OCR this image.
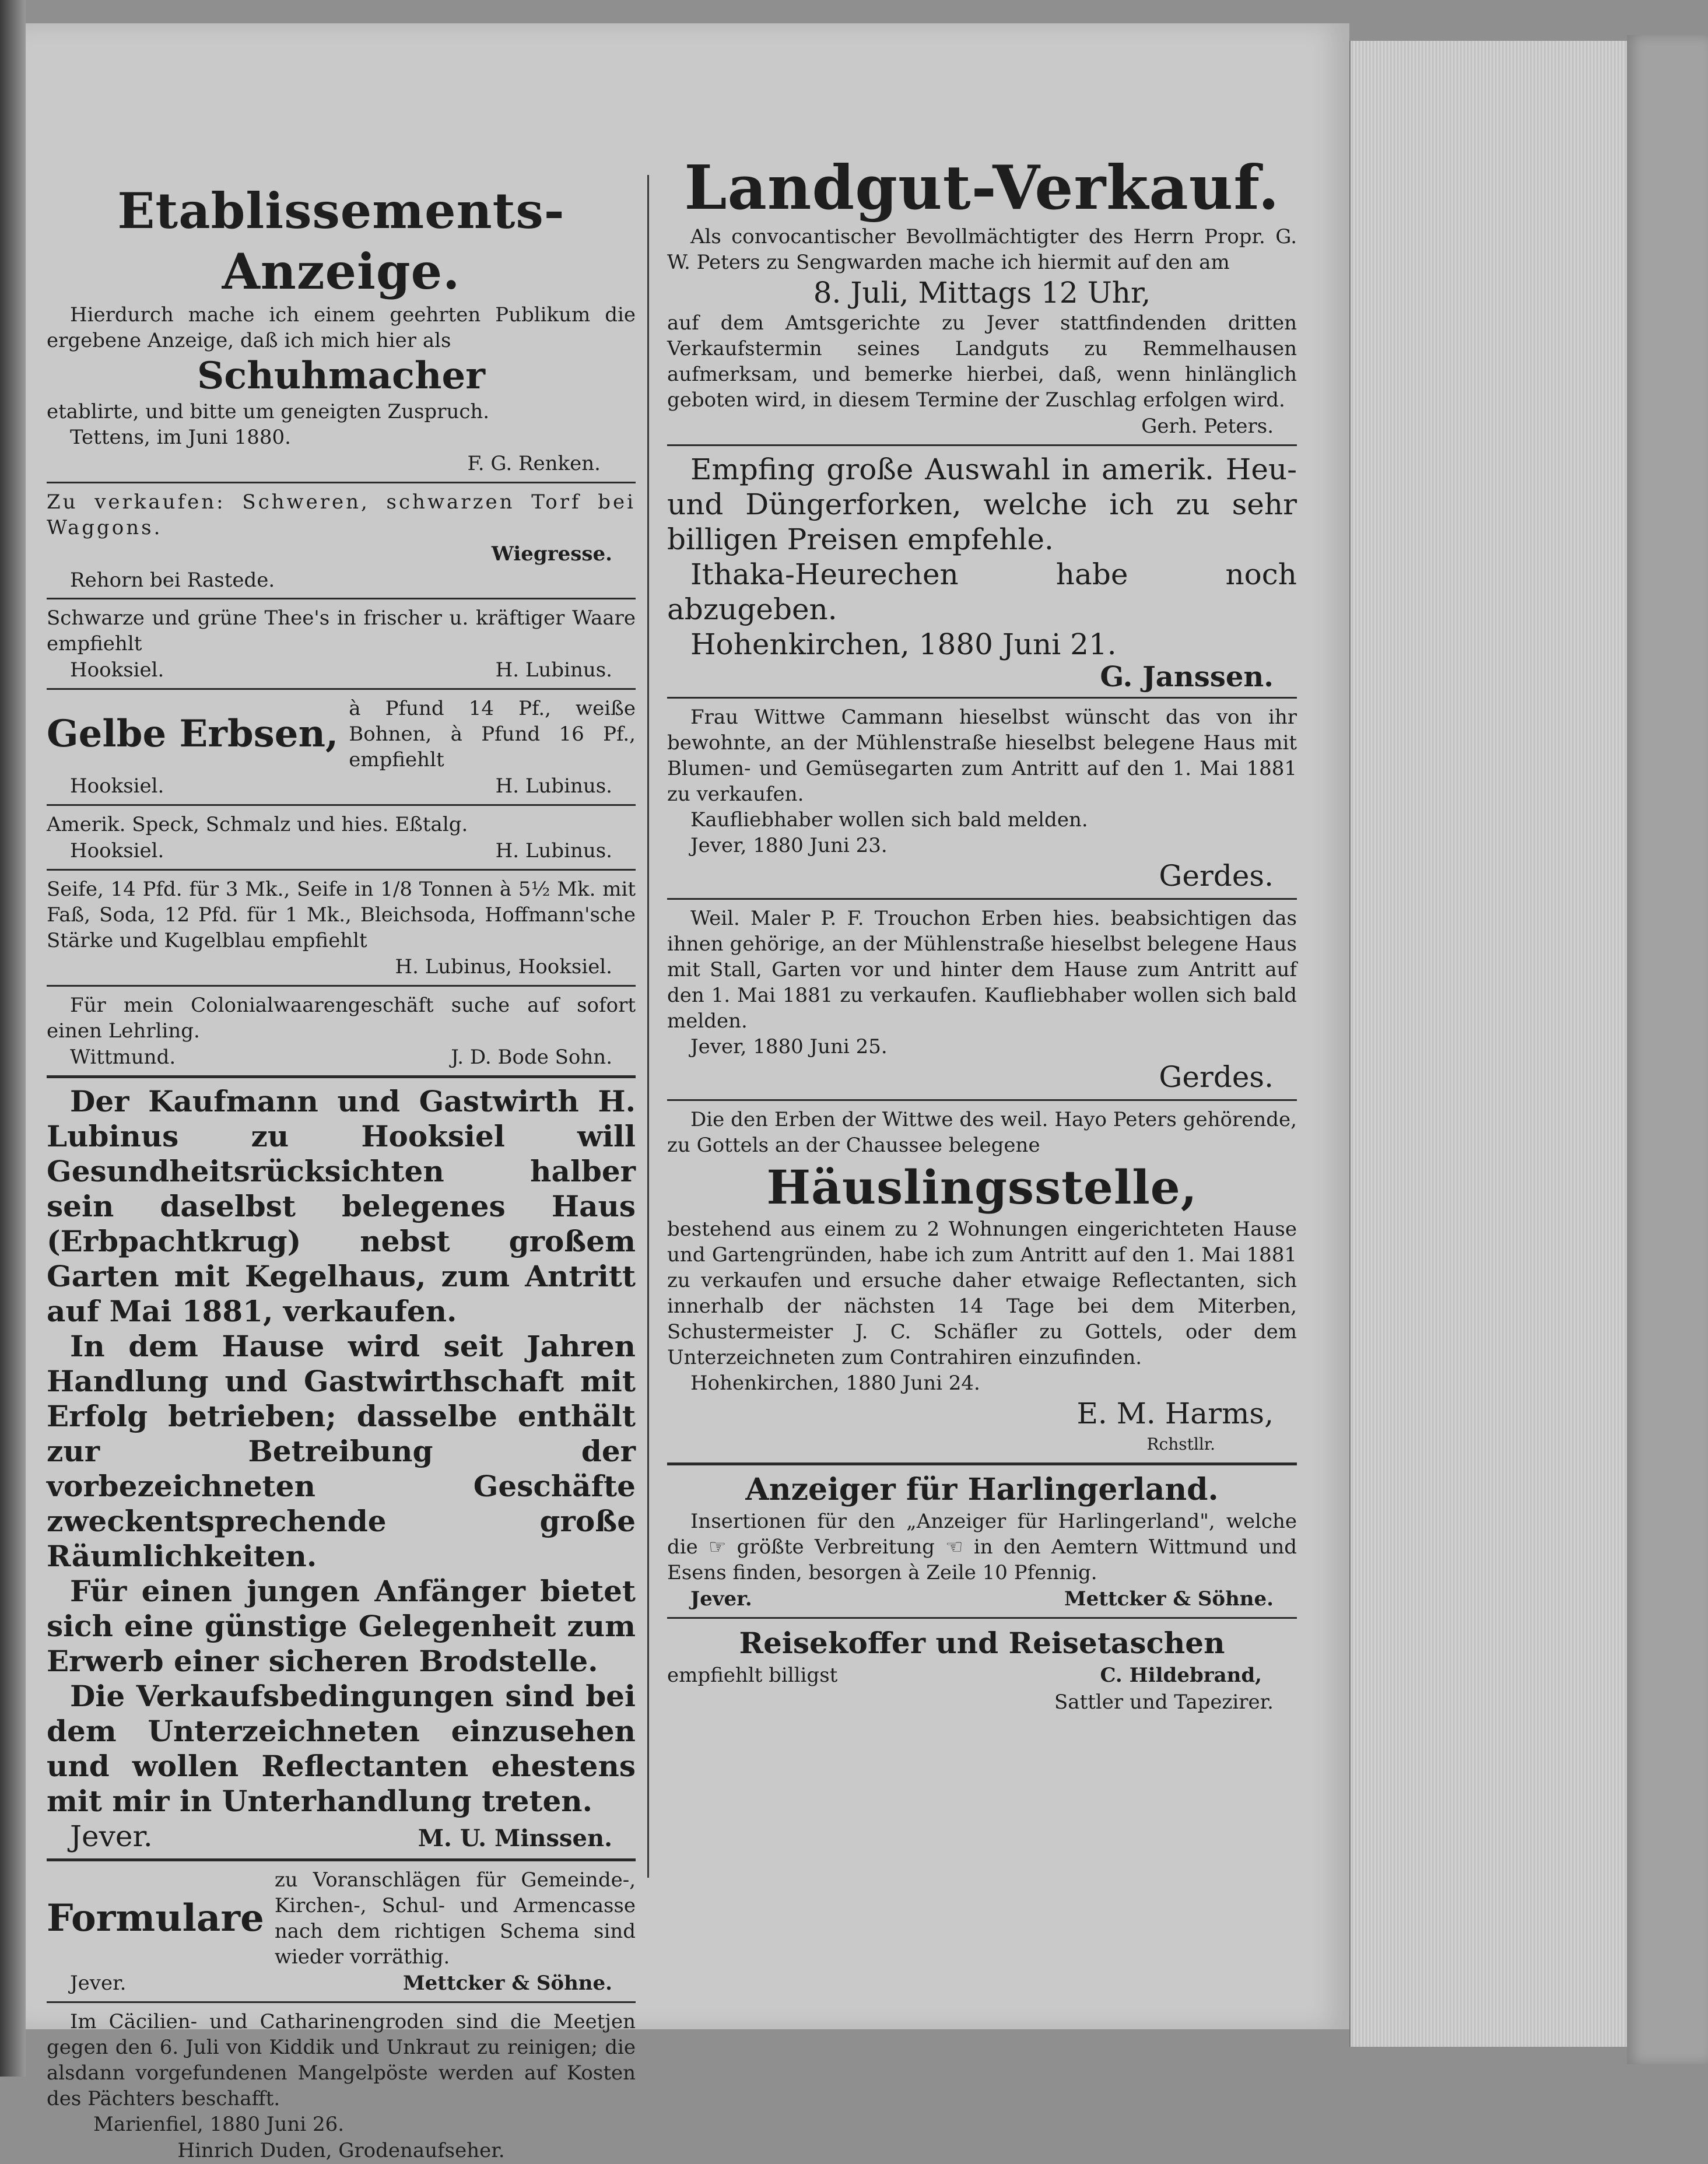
Etablissements-Anzeige.

Hierdurch mache ich einem geehrten Publikum die ergebene Anzeige, daß ich mich hier als

Schuhmacher

etablirte, und bitte um geneigten Zuspruch.

Tettens, im Juni 1880.

F. G. Renken.

Zu verkaufen: Schweren, schwarzen Torf bei Waggons.

Wiegresse.

Rehorn bei Rastede.

Schwarze und grüne Thee's in frischer u. kräftiger Waare empfiehlt

Hooksiel.	H. Lubinus.
Gelbe Erbsen,
à Pfund 14 Pf., weiße Bohnen, à Pfund 16 Pf., empfiehlt
Hooksiel.	H. Lubinus.

Amerik. Speck, Schmalz und hies. Eßtalg.

Hooksiel.	H. Lubinus.

Seife, 14 Pfd. für 3 Mk., Seife in 1/8 Tonnen à 5½ Mk. mit Faß, Soda, 12 Pfd. für 1 Mk., Bleichsoda, Hoffmann'sche Stärke und Kugelblau empfiehlt

H. Lubinus, Hooksiel.

Für mein Colonialwaarengeschäft suche auf sofort einen Lehrling.

Wittmund.	J. D. Bode Sohn.

Der Kaufmann und Gastwirth H. Lubinus zu Hooksiel will Gesundheitsrücksichten halber sein daselbst belegenes Haus (Erbpachtkrug) nebst großem Garten mit Kegelhaus, zum Antritt auf Mai 1881, verkaufen.

In dem Hause wird seit Jahren Handlung und Gastwirthschaft mit Erfolg betrieben; dasselbe enthält zur Betreibung der vorbezeichneten Geschäfte zweckentsprechende große Räumlichkeiten.

Für einen jungen Anfänger bietet sich eine günstige Gelegenheit zum Erwerb einer sicheren Brodstelle.

Die Verkaufsbedingungen sind bei dem Unterzeichneten einzusehen und wollen Reflectanten ehestens mit mir in Unterhandlung treten.

Jever.	M. U. Minssen.
Formulare
zu Voranschlägen für Gemeinde-, Kirchen-, Schul- und Armencasse nach dem richtigen Schema sind wieder vorräthig.
Jever.	Mettcker & Söhne.

Im Cäcilien- und Catharinengroden sind die Meetjen gegen den 6. Juli von Kiddik und Unkraut zu reinigen; die alsdann vorgefundenen Mangelpöste werden auf Kosten des Pächters beschafft.

Marienfiel, 1880 Juni 26.

Hinrich Duden, Grodenaufseher.

Landgut-Verkauf.

Als convocantischer Bevollmächtigter des Herrn Propr. G. W. Peters zu Sengwarden mache ich hiermit auf den am

8. Juli, Mittags 12 Uhr,

auf dem Amtsgerichte zu Jever stattfindenden dritten Verkaufstermin seines Landguts zu Remmelhausen aufmerksam, und bemerke hierbei, daß, wenn hinlänglich geboten wird, in diesem Termine der Zuschlag erfolgen wird.

Gerh. Peters.

Empfing große Auswahl in amerik. Heu- und Düngerforken, welche ich zu sehr billigen Preisen empfehle.

Ithaka-Heurechen habe noch abzugeben.

Hohenkirchen, 1880 Juni 21.

G. Janssen.

Frau Wittwe Cammann hieselbst wünscht das von ihr bewohnte, an der Mühlenstraße hieselbst belegene Haus mit Blumen- und Gemüsegarten zum Antritt auf den 1. Mai 1881 zu verkaufen.

Kaufliebhaber wollen sich bald melden.

Jever, 1880 Juni 23.

Gerdes.

Weil. Maler P. F. Trouchon Erben hies. beabsichtigen das ihnen gehörige, an der Mühlenstraße hieselbst belegene Haus mit Stall, Garten vor und hinter dem Hause zum Antritt auf den 1. Mai 1881 zu verkaufen. Kaufliebhaber wollen sich bald melden.

Jever, 1880 Juni 25.

Gerdes.

Die den Erben der Wittwe des weil. Hayo Peters gehörende, zu Gottels an der Chaussee belegene

Häuslingsstelle,

bestehend aus einem zu 2 Wohnungen eingerichteten Hause und Gartengründen, habe ich zum Antritt auf den 1. Mai 1881 zu verkaufen und ersuche daher etwaige Reflectanten, sich innerhalb der nächsten 14 Tage bei dem Miterben, Schustermeister J. C. Schäfler zu Gottels, oder dem Unterzeichneten zum Contrahiren einzufinden.

Hohenkirchen, 1880 Juni 24.

E. M. Harms,

Rchstllr.

Anzeiger für Harlingerland.

Insertionen für den „Anzeiger für Harlingerland", welche die ☞ größte Verbreitung ☜ in den Aemtern Wittmund und Esens finden, besorgen à Zeile 10 Pfennig.

Jever.	Mettcker & Söhne.

Reisekoffer und Reisetaschen

empfiehlt billigst	C. Hildebrand,

Sattler und Tapezirer.
